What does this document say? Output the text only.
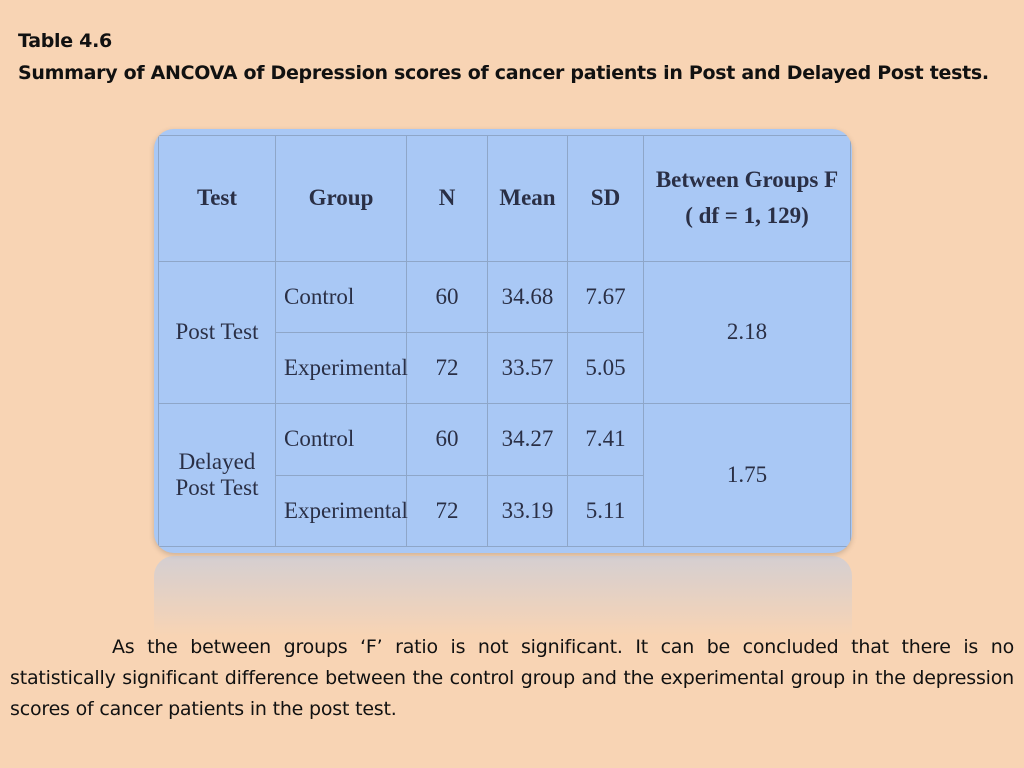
Table 4.6
Summary of ANCOVA of Depression scores of cancer patients in Post and Delayed Post tests.
Test	Group	N	Mean	SD	Between Groups F
( df = 1, 129)

Post Test	Control	60	34.68	7.67	2.18
	Experimental	72	33.57	5.05	

Delayed
Post Test	Control	60	34.27	7.41	1.75
	Experimental	72	33.19	5.11	

As the between groups ‘F’ ratio is not significant. It can be concluded that there is no statistically significant difference between the control group and the experimental group in the depression scores of cancer patients in the post test.
